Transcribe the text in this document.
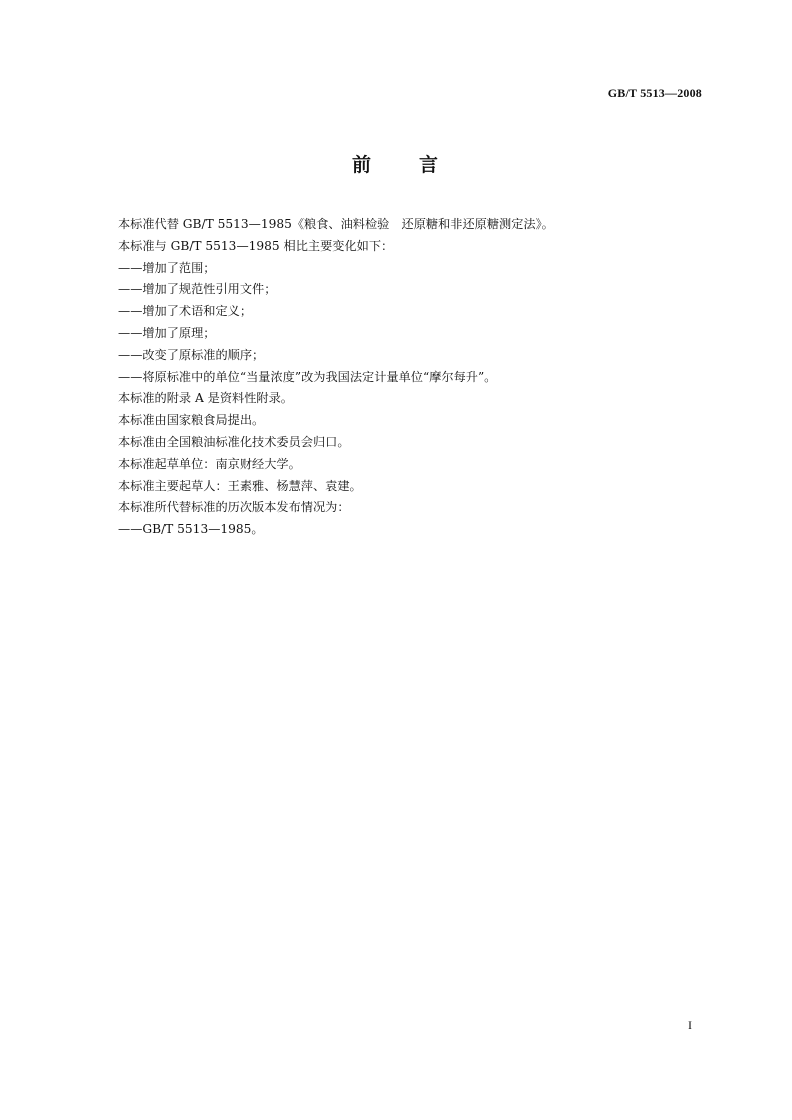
GB/T 5513—2008
前 言
本标准代替 GB/T 5513—1985《粮食、油料检验　还原糖和非还原糖测定法》。
本标准与 GB/T 5513—1985 相比主要变化如下：
——增加了范围；
——增加了规范性引用文件；
——增加了术语和定义；
——增加了原理；
——改变了原标准的顺序；
——将原标准中的单位“当量浓度”改为我国法定计量单位“摩尔每升”。
本标准的附录 A 是资料性附录。
本标准由国家粮食局提出。
本标准由全国粮油标准化技术委员会归口。
本标准起草单位：南京财经大学。
本标准主要起草人：王素雅、杨慧萍、袁建。
本标准所代替标准的历次版本发布情况为：
——GB/T 5513—1985。
I
